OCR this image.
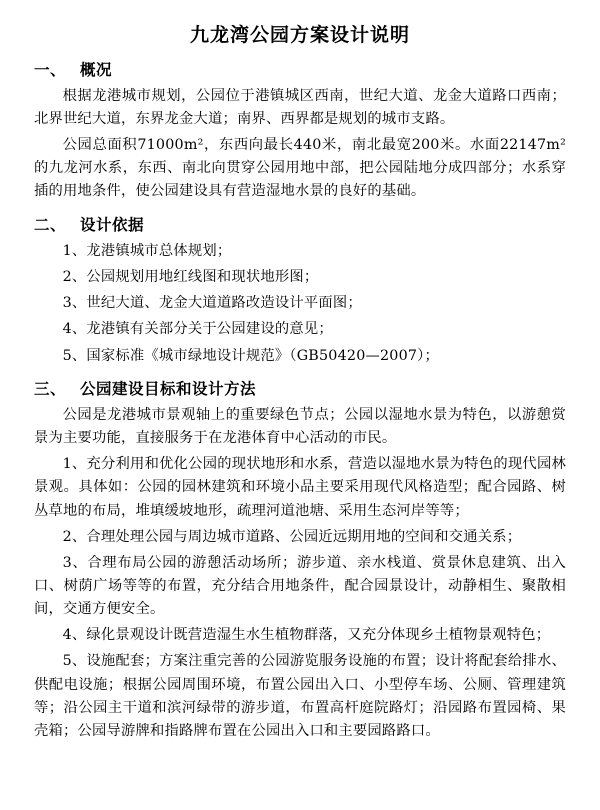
九龙湾公园方案设计说明
一、 概况

根据龙港城市规划，公园位于港镇城区西南，世纪大道、龙金大道路口西南；北界世纪大道，东界龙金大道；南界、西界都是规划的城市支路。

公园总面积71000m²，东西向最长440米，南北最宽200米。水面22147m²的九龙河水系，东西、南北向贯穿公园用地中部，把公园陆地分成四部分；水系穿插的用地条件，使公园建设具有营造湿地水景的良好的基础。

二、 设计依据

1、龙港镇城市总体规划；

2、公园规划用地红线图和现状地形图；

3、世纪大道、龙金大道道路改造设计平面图；

4、龙港镇有关部分关于公园建设的意见；

5、国家标准《城市绿地设计规范》（GB50420—2007）；

三、 公园建设目标和设计方法

公园是龙港城市景观轴上的重要绿色节点；公园以湿地水景为特色，以游憩赏景为主要功能，直接服务于在龙港体育中心活动的市民。

1、充分利用和优化公园的现状地形和水系，营造以湿地水景为特色的现代园林景观。具体如：公园的园林建筑和环境小品主要采用现代风格造型；配合园路、树丛草地的布局，堆填缓坡地形，疏理河道池塘、采用生态河岸等等；

2、合理处理公园与周边城市道路、公园近远期用地的空间和交通关系；

3、合理布局公园的游憩活动场所；游步道、亲水栈道、赏景休息建筑、出入口、树荫广场等等的布置，充分结合用地条件，配合园景设计，动静相生、聚散相间，交通方便安全。

4、绿化景观设计既营造湿生水生植物群落，又充分体现乡土植物景观特色；

5、设施配套；方案注重完善的公园游览服务设施的布置；设计将配套给排水、供配电设施；根据公园周围环境，布置公园出入口、小型停车场、公厕、管理建筑等；沿公园主干道和滨河绿带的游步道，布置高杆庭院路灯；沿园路布置园椅、果壳箱；公园导游牌和指路牌布置在公园出入口和主要园路路口。
